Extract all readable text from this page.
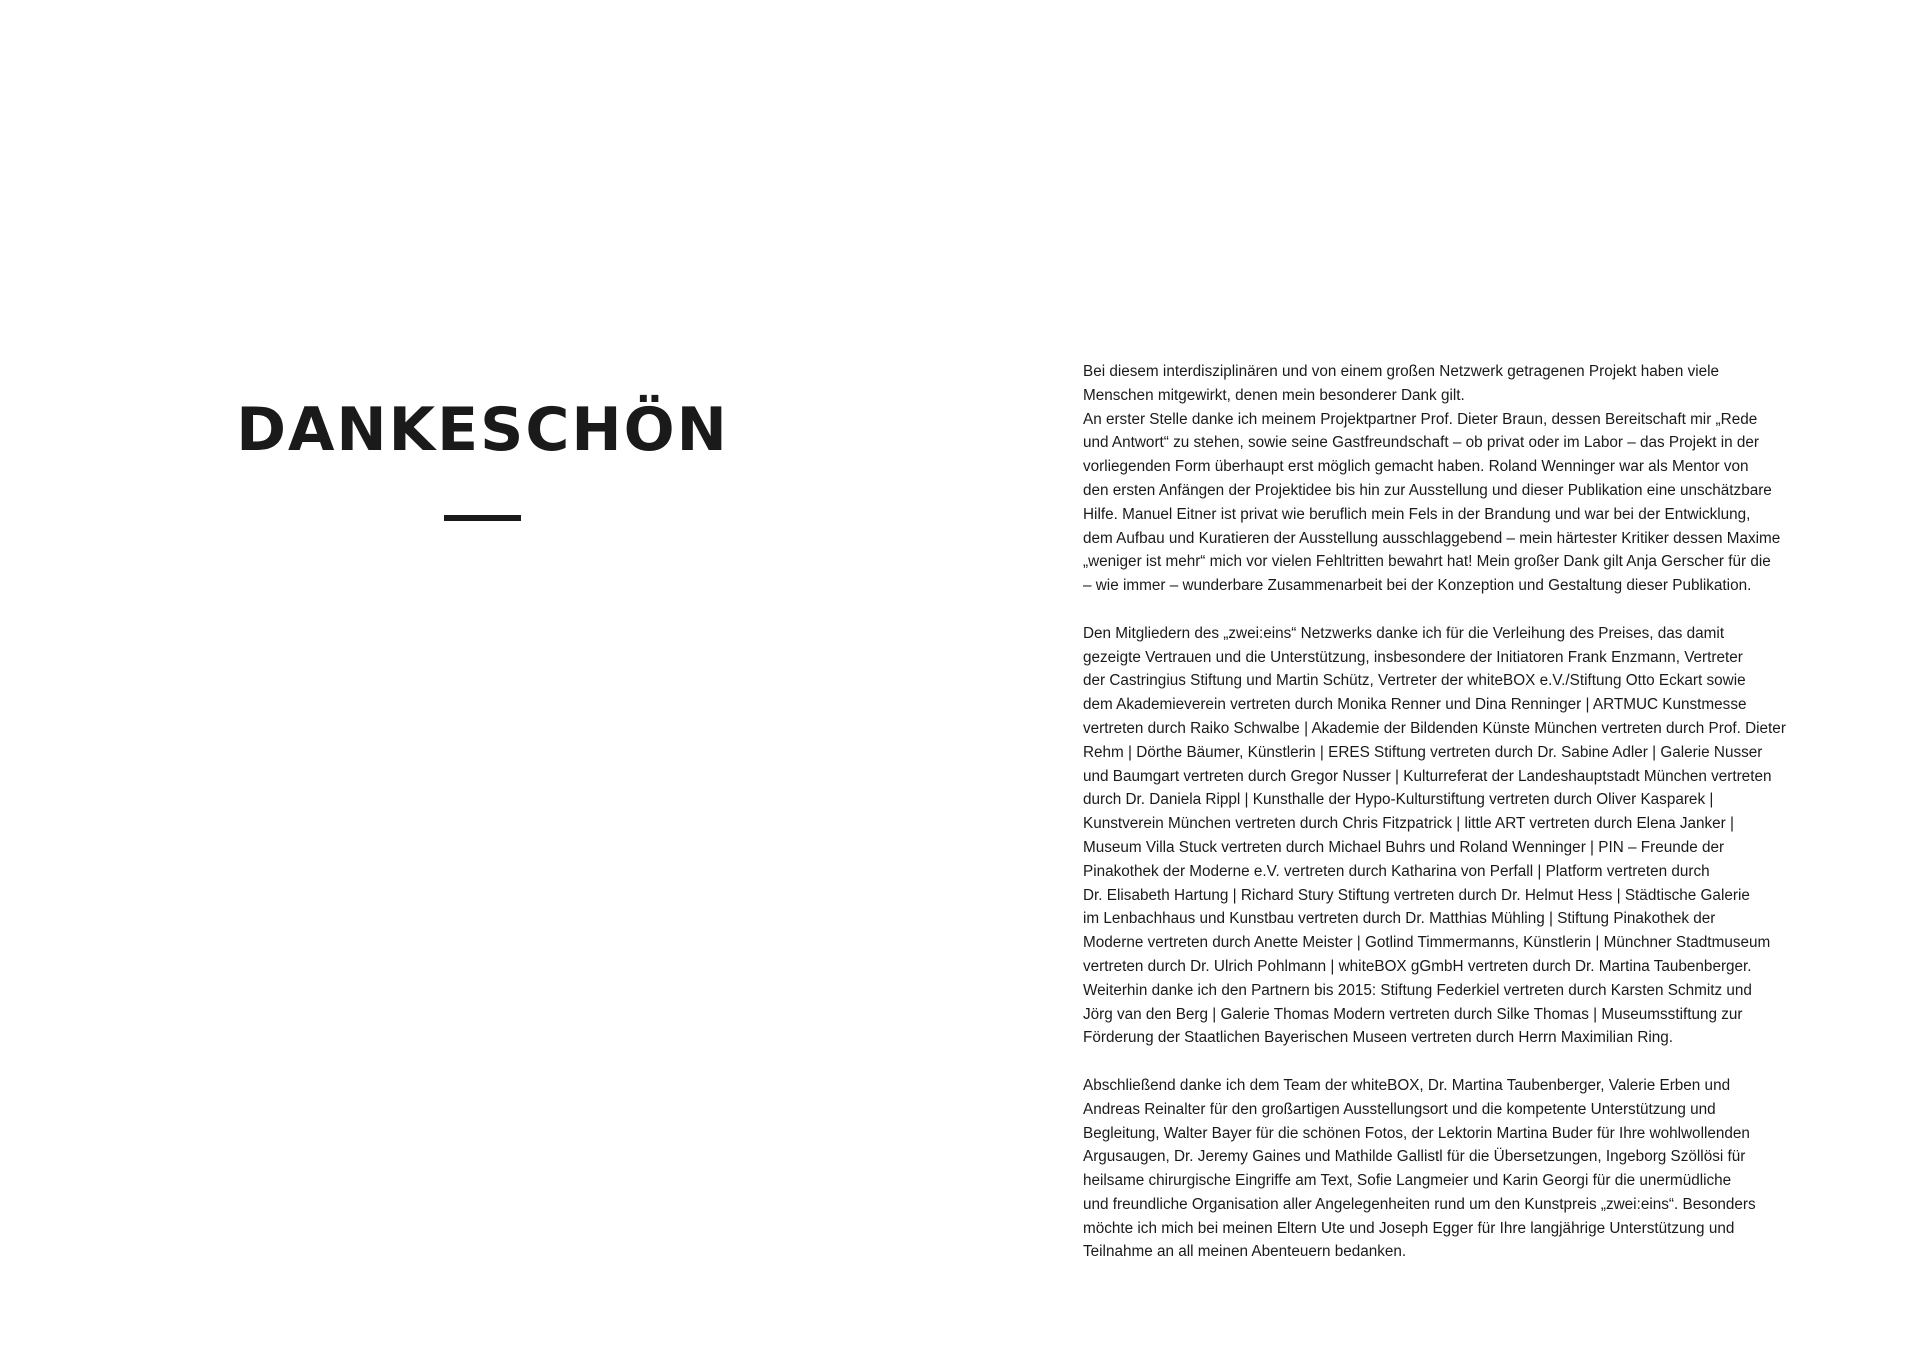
DANKESCHÖN

Bei diesem interdisziplinären und von einem großen Netzwerk getragenen Projekt haben viele
Menschen mitgewirkt, denen mein besonderer Dank gilt.
An erster Stelle danke ich meinem Projektpartner Prof. Dieter Braun, dessen Bereitschaft mir „Rede
und Antwort“ zu stehen, sowie seine Gastfreundschaft – ob privat oder im Labor – das Projekt in der
vorliegenden Form überhaupt erst möglich gemacht haben. Roland Wenninger war als Mentor von
den ersten Anfängen der Projektidee bis hin zur Ausstellung und dieser Publikation eine unschätzbare
Hilfe. Manuel Eitner ist privat wie beruflich mein Fels in der Brandung und war bei der Entwicklung,
dem Aufbau und Kuratieren der Ausstellung ausschlaggebend – mein härtester Kritiker dessen Maxime
„weniger ist mehr“ mich vor vielen Fehltritten bewahrt hat! Mein großer Dank gilt Anja Gerscher für die
– wie immer – wunderbare Zusammenarbeit bei der Konzeption und Gestaltung dieser Publikation.

Den Mitgliedern des „zwei:eins“ Netzwerks danke ich für die Verleihung des Preises, das damit
gezeigte Vertrauen und die Unterstützung, insbesondere der Initiatoren Frank Enzmann, Vertreter
der Castringius Stiftung und Martin Schütz, Vertreter der whiteBOX e.V./Stiftung Otto Eckart sowie
dem Akademieverein vertreten durch Monika Renner und Dina Renninger | ARTMUC Kunstmesse
vertreten durch Raiko Schwalbe | Akademie der Bildenden Künste München vertreten durch Prof. Dieter
Rehm | Dörthe Bäumer, Künstlerin | ERES Stiftung vertreten durch Dr. Sabine Adler | Galerie Nusser
und Baumgart vertreten durch Gregor Nusser | Kulturreferat der Landeshauptstadt München vertreten
durch Dr. Daniela Rippl | Kunsthalle der Hypo-Kulturstiftung vertreten durch Oliver Kasparek |
Kunstverein München vertreten durch Chris Fitzpatrick | little ART vertreten durch Elena Janker |
Museum Villa Stuck vertreten durch Michael Buhrs und Roland Wenninger | PIN – Freunde der
Pinakothek der Moderne e.V. vertreten durch Katharina von Perfall | Platform vertreten durch
Dr. Elisabeth Hartung | Richard Stury Stiftung vertreten durch Dr. Helmut Hess | Städtische Galerie
im Lenbachhaus und Kunstbau vertreten durch Dr. Matthias Mühling | Stiftung Pinakothek der
Moderne vertreten durch Anette Meister | Gotlind Timmermanns, Künstlerin | Münchner Stadtmuseum
vertreten durch Dr. Ulrich Pohlmann | whiteBOX gGmbH vertreten durch Dr. Martina Taubenberger.
Weiterhin danke ich den Partnern bis 2015: Stiftung Federkiel vertreten durch Karsten Schmitz und
Jörg van den Berg | Galerie Thomas Modern vertreten durch Silke Thomas | Museumsstiftung zur
Förderung der Staatlichen Bayerischen Museen vertreten durch Herrn Maximilian Ring.

Abschließend danke ich dem Team der whiteBOX, Dr. Martina Taubenberger, Valerie Erben und
Andreas Reinalter für den großartigen Ausstellungsort und die kompetente Unterstützung und
Begleitung, Walter Bayer für die schönen Fotos, der Lektorin Martina Buder für Ihre wohlwollenden
Argusaugen, Dr. Jeremy Gaines und Mathilde Gallistl für die Übersetzungen, Ingeborg Szöllösi für
heilsame chirurgische Eingriffe am Text, Sofie Langmeier und Karin Georgi für die unermüdliche
und freundliche Organisation aller Angelegenheiten rund um den Kunstpreis „zwei:eins“. Besonders
möchte ich mich bei meinen Eltern Ute und Joseph Egger für Ihre langjährige Unterstützung und
Teilnahme an all meinen Abenteuern bedanken.
